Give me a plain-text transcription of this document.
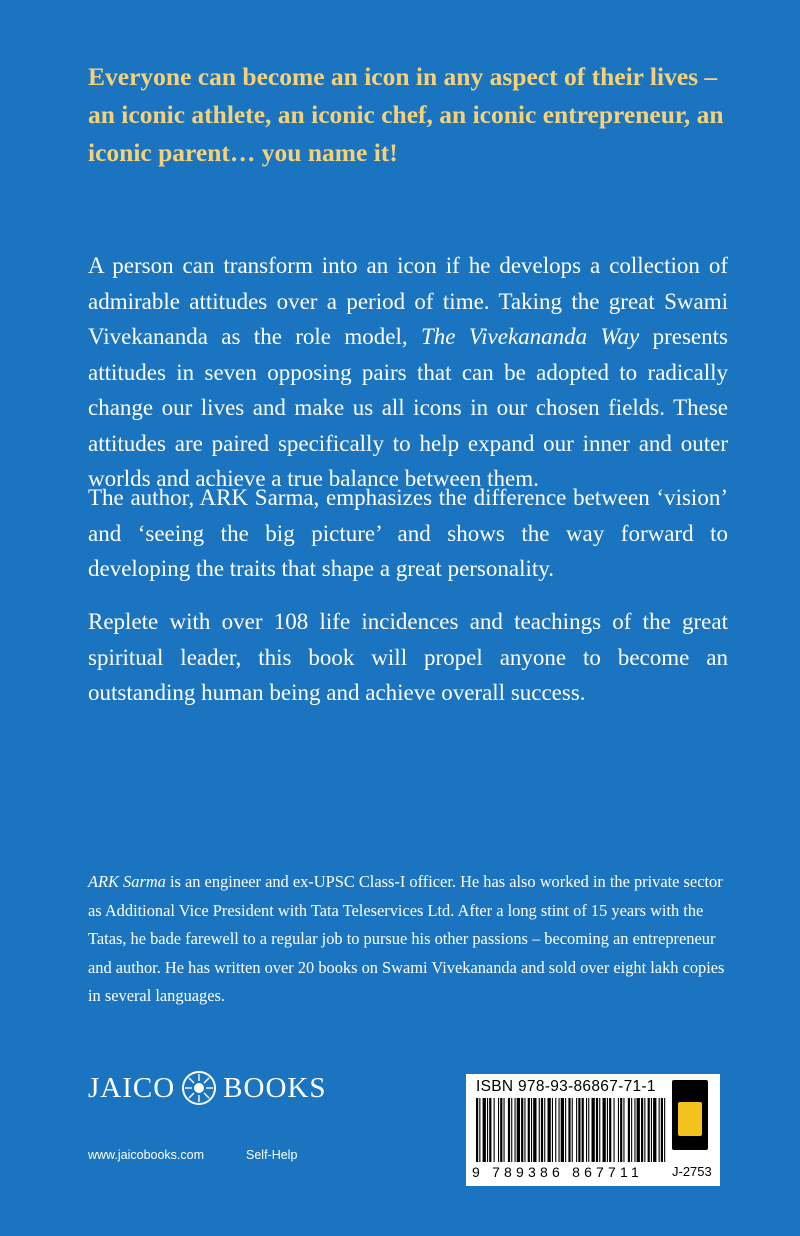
Everyone can become an icon in any aspect of their lives – an iconic athlete, an iconic chef, an iconic entrepreneur, an iconic parent… you name it!

A person can transform into an icon if he develops a collection of admirable attitudes over a period of time. Taking the great Swami Vivekananda as the role model, The Vivekananda Way presents attitudes in seven opposing pairs that can be adopted to radically change our lives and make us all icons in our chosen fields. These attitudes are paired specifically to help expand our inner and outer worlds and achieve a true balance between them.

The author, ARK Sarma, emphasizes the difference between ‘vision’ and ‘seeing the big picture’ and shows the way forward to developing the traits that shape a great personality.

Replete with over 108 life incidences and teachings of the great spiritual leader, this book will propel anyone to become an outstanding human being and achieve overall success.

ARK Sarma is an engineer and ex-UPSC Class-I officer. He has also worked in the private sector as Additional Vice President with Tata Teleservices Ltd. After a long stint of 15 years with the Tatas, he bade farewell to a regular job to pursue his other passions – becoming an entrepreneur and author. He has written over 20 books on Swami Vivekananda and sold over eight lakh copies in several languages.

JAICO BOOKS
www.jaicobooks.com	Self-Help
ISBN 978-93-86867-71-1
9 789386 867711 J-2753
